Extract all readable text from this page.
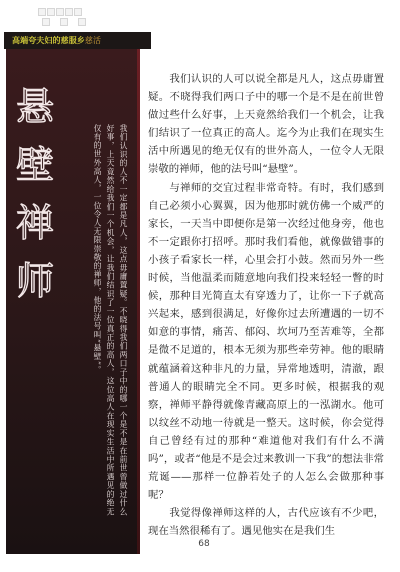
高端夸夫妇的慈服乡慈活
悬
壁
禅
师	我们认识的人不一定都是凡人，这点毋庸置疑。不晓得我们两口子中的哪一个是不是在前世曾做过什么好事，上天竟然给我们一个机会，让我们结识了一位真正的高人，这位高人在现实生活中所遇见的绝无仅有的世外高人，一位令人无限崇敬的禅师，他的法号叫“悬壁”。

我们认识的人可以说全都是凡人，这点毋庸置疑。不晓得我们两口子中的哪一个是不是在前世曾做过些什么好事，上天竟然给我们一个机会，让我们结识了一位真正的高人。迄今为止我们在现实生活中所遇见的绝无仅有的世外高人，一位令人无限崇敬的禅师，他的法号叫“悬壁”。

与禅师的交宜过程非常奇特。有时，我们感到自己必须小心翼翼，因为他那时就仿佛一个威严的家长，一天当中即便你是第一次经过他身旁，他也不一定跟你打招呼。那时我们看他，就像做错事的小孩子看家长一样，心里会打小鼓。然而另外一些时候，当他温柔而随意地向我们投来轻轻一瞥的时候，那种目光简直太有穿透力了，让你一下子就高兴起来，感到很满足，好像你过去所遭遇的一切不如意的事情，痛苦、郁闷、坎坷乃至苦难等，全都是微不足道的，根本无须为那些牵劳神。他的眼睛就蕴涵着这种非凡的力量，异常地透明，清澈，跟普通人的眼睛完全不同。更多时候，根据我的观察，禅师平静得就像青藏高原上的一泓湖水。他可以纹丝不动地一待就是一整天。这时候，你会觉得自己曾经有过的那种“难道他对我们有什么不满吗”，或者“他是不是会过来教训一下我”的想法非常荒诞——那样一位静若处子的人怎么会做那种事呢？

我觉得像禅师这样的人，古代应该有不少吧，现在当然很稀有了。遇见他实在是我们生

68
